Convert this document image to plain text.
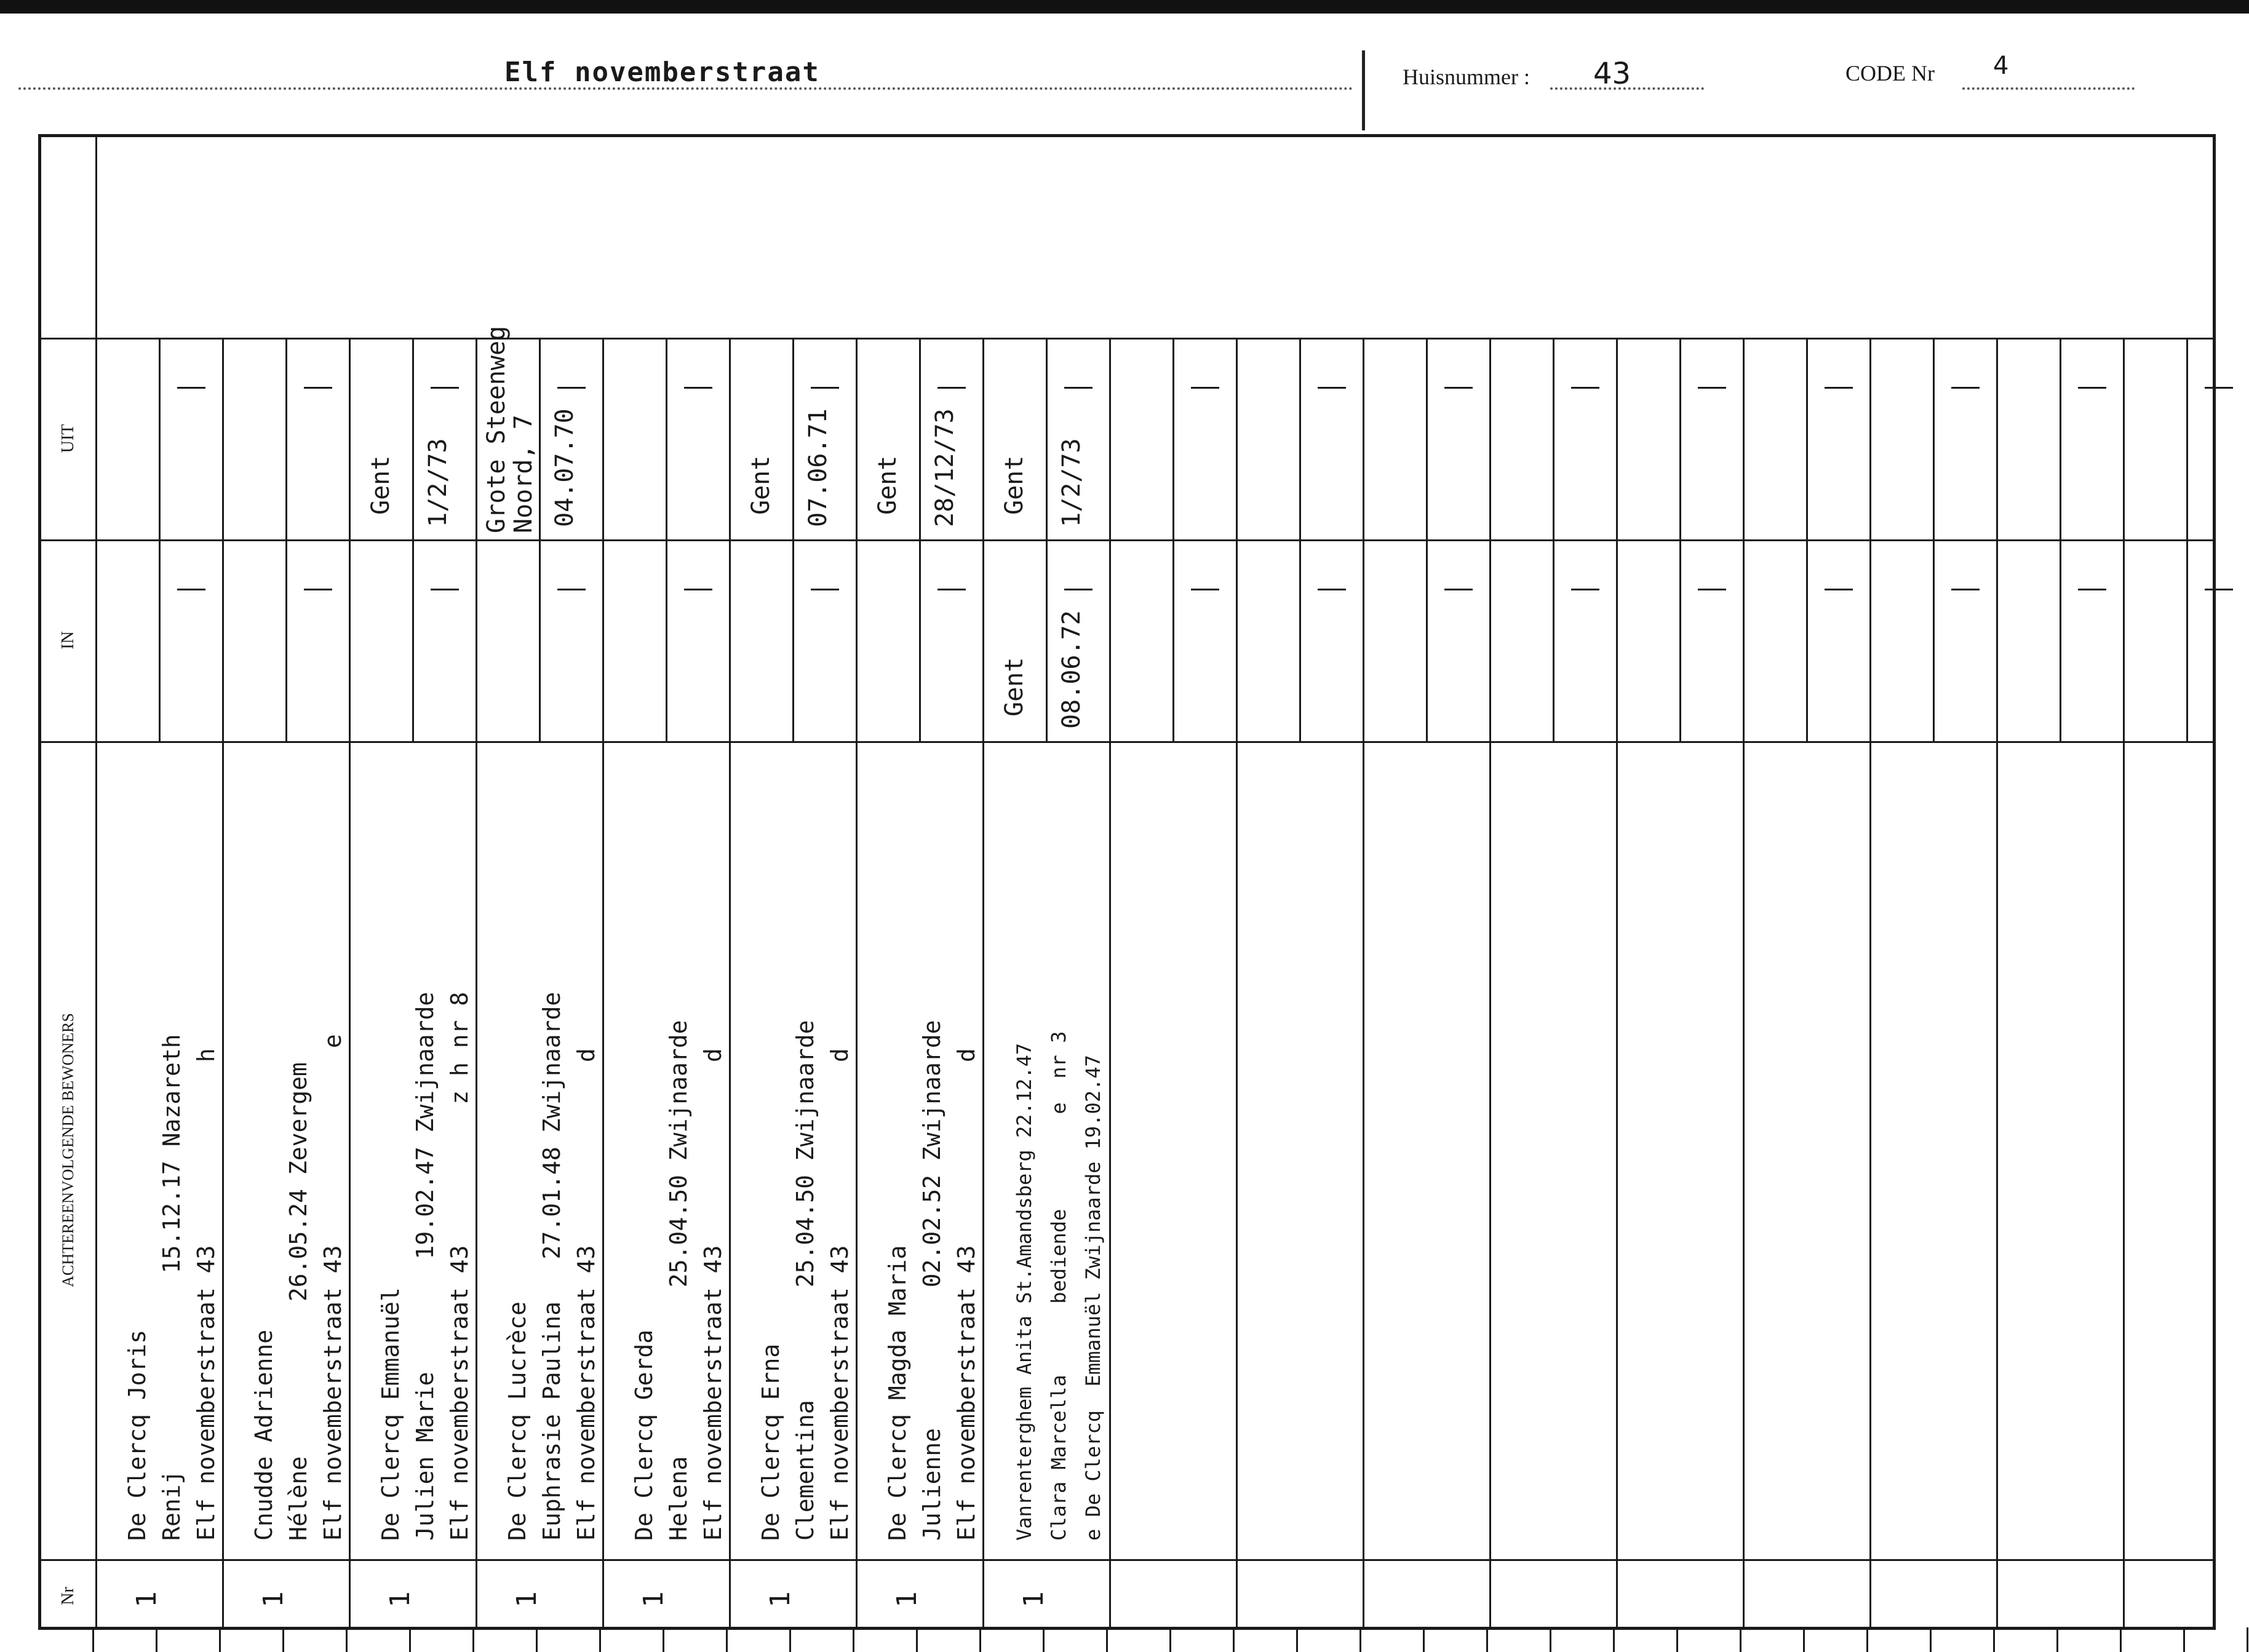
Elf novemberstraat	Huisnummer : 43	CODE Nr 4
UIT
IN
ACHTEREENVOLGENDE BEWONERS
Nr 1
De Clercq Joris Renij              15.12.17 Nazareth Elf novemberstraat 43             h
1
Cnudde Adrienne Hélène           26.05.24 Zevergem Elf novemberstraat 43              e
1
De Clercq Emmanuël Julien Marie        19.02.47 Zwijnaarde Elf novemberstraat 43          z h nr 8
Gent 1/2/73
1
De Clercq Lucrèce Euphrasie Paulina   27.01.48 Zwijnaarde Elf novemberstraat 43             d
Grote Steenweg
Noord, 7 04.07.70
1
De Clercq Gerda Helena            25.04.50 Zwijnaarde Elf novemberstraat 43             d
1
De Clercq Erna Clementina        25.04.50 Zwijnaarde Elf novemberstraat 43             d
Gent 07.06.71
1
De Clercq Magda Maria Julienne          02.02.52 Zwijnaarde Elf novemberstraat 43             d
Gent 28/12/73
1
Vanrenterghem Anita St.Amandsberg 22.12.47 Clara Marcella      bediende        e  nr 3 e De Clercq  Emmanuël Zwijnaarde 19.02.47
Gent 1/2/73
Gent 08.06.72
